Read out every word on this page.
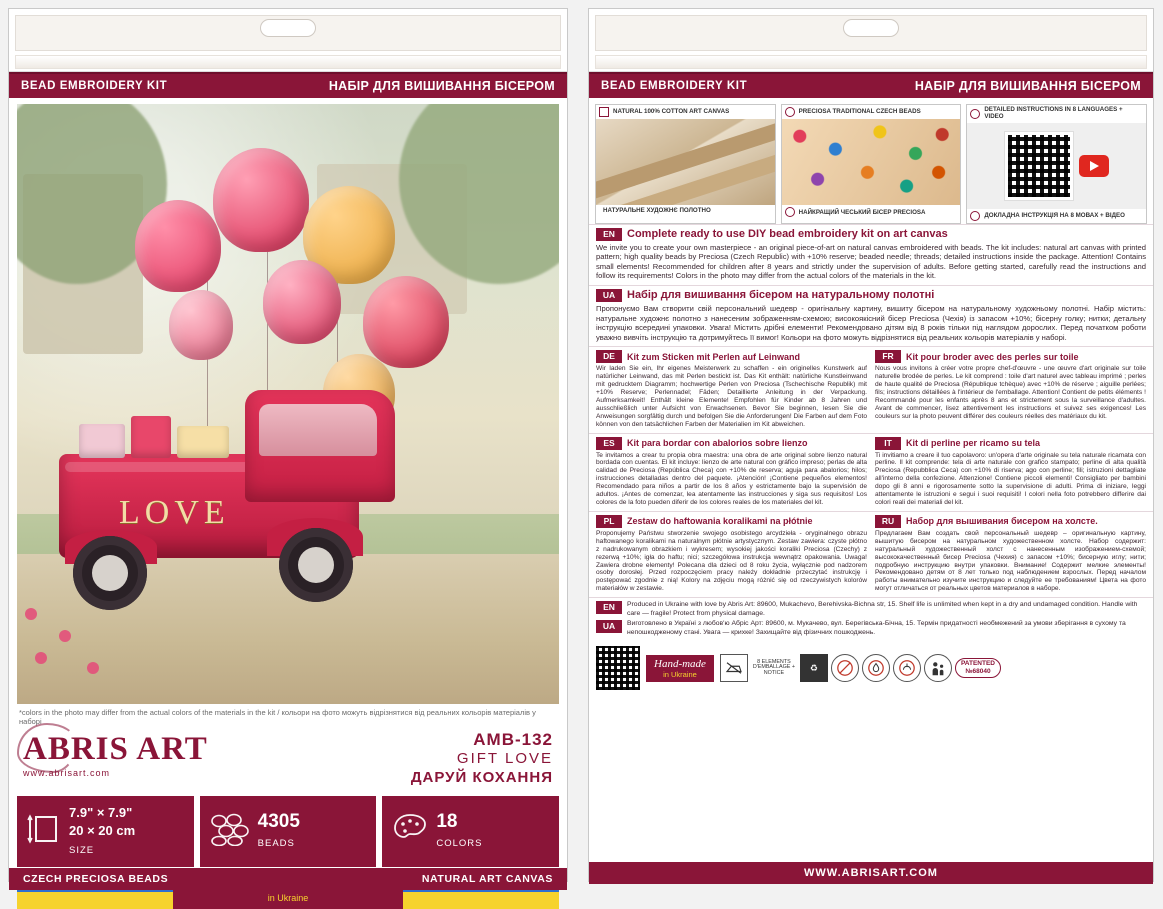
BEAD EMBROIDERY KIT	НАБІР ДЛЯ ВИШИВАННЯ БІСЕРОМ
LOVE
*colors in the photo may differ from the actual colors of the materials in the kit / кольори на фото можуть відрізнятися від реальних кольорів матеріалів у наборі
ABRIS ART
www.abrisart.com
AMB-132
GIFT LOVE
ДАРУЙ КОХАННЯ
7.9" × 7.9"
20 × 20 cm
SIZE
4305
BEADS
18
COLORS
in Ukraine
CZECH PRECIOSA BEADS	NATURAL ART CANVAS
BEAD EMBROIDERY KIT	НАБІР ДЛЯ ВИШИВАННЯ БІСЕРОМ
NATURAL 100% COTTON ART CANVAS
НАТУРАЛЬНЕ ХУДОЖНЄ ПОЛОТНО
PRECIOSA TRADITIONAL CZECH BEADS
НАЙКРАЩИЙ ЧЕСЬКИЙ БІСЕР PRECIOSA
DETAILED INSTRUCTIONS IN 8 LANGUAGES + VIDEO
ДОКЛАДНА ІНСТРУКЦІЯ НА 8 МОВАХ + ВІДЕО
EN	Complete ready to use DIY bead embroidery kit on art canvas
We invite you to create your own masterpiece - an original piece-of-art on natural canvas embroidered with beads. The kit includes: natural art canvas with printed pattern; high quality beads by Preciosa (Czech Republic) with +10% reserve; beaded needle; threads; detailed instructions inside the package. Attention! Contains small elements! Recommended for children after 8 years and strictly under the supervision of adults. Before getting started, carefully read the instructions and follow its requirements! Colors in the photo may differ from the actual colors of the materials in the kit.
UA	Набір для вишивання бісером на натуральному полотні
Пропонуємо Вам створити свій персональний шедевр - оригінальну картину, вишиту бісером на натуральному художньому полотні. Набір містить: натуральне художнє полотно з нанесеним зображенням-схемою; високоякісний бісер Preciosa (Чехія) із запасом +10%; бісерну голку; нитки; детальну інструкцію всередині упаковки. Увага! Містить дрібні елементи! Рекомендовано дітям від 8 років тільки під наглядом дорослих. Перед початком роботи уважно вивчіть інструкцію та дотримуйтесь її вимог! Кольори на фото можуть відрізнятися від реальних кольорів матеріалів у наборі.
DE	Kit zum Sticken mit Perlen auf Leinwand
Wir laden Sie ein, Ihr eigenes Meisterwerk zu schaffen - ein originelles Kunstwerk auf natürlicher Leinwand, das mit Perlen bestickt ist. Das Kit enthält: natürliche Kunstleinwand mit gedrucktem Diagramm; hochwertige Perlen von Preciosa (Tschechische Republik) mit +10% Reserve; Perlennadel; Fäden; Detaillierte Anleitung in der Verpackung. Aufmerksamkeit! Enthält kleine Elemente! Empfohlen für Kinder ab 8 Jahren und ausschließlich unter Aufsicht von Erwachsenen. Bevor Sie beginnen, lesen Sie die Anweisungen sorgfältig durch und befolgen Sie die Anforderungen! Die Farben auf dem Foto können von den tatsächlichen Farben der Materialien im Kit abweichen.
FR	Kit pour broder avec des perles sur toile
Nous vous invitons à créer votre propre chef-d'œuvre - une œuvre d'art originale sur toile naturelle brodée de perles. Le kit comprend : toile d'art naturel avec tableau imprimé ; perles de haute qualité de Preciosa (République tchèque) avec +10% de réserve ; aiguille perlées; fils; instructions détaillées à l'intérieur de l'emballage. Attention! Contient de petits éléments ! Recommandé pour les enfants après 8 ans et strictement sous la surveillance d'adultes. Avant de commencer, lisez attentivement les instructions et suivez ses exigences! Les couleurs sur la photo peuvent différer des couleurs réelles des matériaux du kit.
ES	Kit para bordar con abalorios sobre lienzo
Te invitamos a crear tu propia obra maestra: una obra de arte original sobre lienzo natural bordada con cuentas. El kit incluye: lienzo de arte natural con gráfico impreso; perlas de alta calidad de Preciosa (República Checa) con +10% de reserva; aguja para abalorios; hilos; instrucciones detalladas dentro del paquete. ¡Atención! ¡Contiene pequeños elementos! Recomendado para niños a partir de los 8 años y estrictamente bajo la supervisión de adultos. ¡Antes de comenzar, lea atentamente las instrucciones y siga sus requisitos! Los colores de la foto pueden diferir de los colores reales de los materiales del kit.
IT	Kit di perline per ricamo su tela
Ti invitiamo a creare il tuo capolavoro: un'opera d'arte originale su tela naturale ricamata con perline. Il kit comprende: tela di arte naturale con grafico stampato; perline di alta qualità Preciosa (Repubblica Ceca) con +10% di riserva; ago con perline; fili; istruzioni dettagliate all'interno della confezione. Attenzione! Contiene piccoli elementi! Consigliato per bambini dopo gli 8 anni e rigorosamente sotto la supervisione di adulti. Prima di iniziare, leggi attentamente le istruzioni e segui i suoi requisiti! I colori nella foto potrebbero differire dai colori reali dei materiali del kit.
PL	Zestaw do haftowania koralikami na płótnie
Proponujemy Państwu stworzenie swojego osobistego arcydzieła - oryginalnego obrazu haftowanego koralikami na naturalnym płótnie artystycznym. Zestaw zawiera: czyste płótno z nadrukowanym obrazkiem i wykresem; wysokiej jakości koraliki Preciosa (Czechy) z rezerwą +10%; igła do haftu; nici; szczegółowa instrukcja wewnątrz opakowania. Uwaga! Zawiera drobne elementy! Polecana dla dzieci od 8 roku życia, wyłącznie pod nadzorem osoby dorosłej. Przed rozpoczęciem pracy należy dokładnie przeczytać instrukcję i postępować zgodnie z nią! Kolory na zdjęciu mogą różnić się od rzeczywistych kolorów materiałów w zestawie.
RU	Набор для вышивания бисером на холсте.
Предлагаем Вам создать свой персональный шедевр – оригинальную картину, вышитую бисером на натуральном художественном холсте. Набор содержит: натуральный художественный холст с нанесенным изображением-схемой; высококачественный бисер Preciosa (Чехия) с запасом +10%; бисерную иглу; нити; подробную инструкцию внутри упаковки. Внимание! Содержит мелкие элементы! Рекомендовано детям от 8 лет только под наблюдением взрослых. Перед началом работы внимательно изучите инструкцию и следуйте ее требованиям! Цвета на фото могут отличаться от реальных цветов материалов в наборе.
EN	Produced in Ukraine with love by Abris Art: 89600, Mukachevo, Berehivska-Bichna str, 15. Shelf life is unlimited when kept in a dry and undamaged condition. Handle with care — fragile! Protect from physical damage.
UA	Виготовлено в Україні з любов'ю Абріс Арт: 89600, м. Мукачево, вул. Берегівська-Бічна, 15. Термін придатності необмежений за умови зберігання в сухому та непошкодженому стані. Увага — крихке! Захищайте від фізичних пошкоджень.
Hand-made
in Ukraine
8 ELEMENTS D'EMBALLAGE + NOTICE
♻	PATENTED
№68040
WWW.ABRISART.COM
